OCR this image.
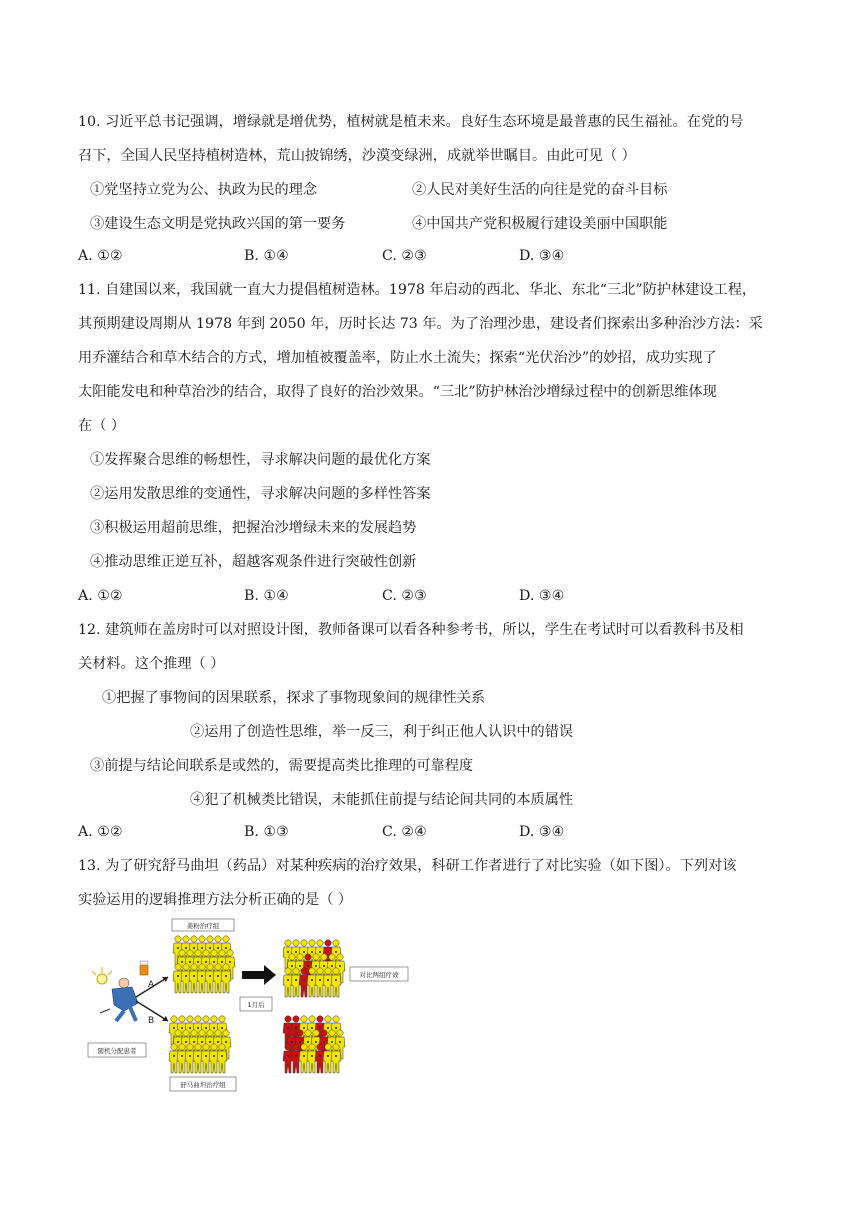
10. 习近平总书记强调，增绿就是增优势，植树就是植未来。良好生态环境是最普惠的民生福祉。在党的号
召下，全国人民坚持植树造林，荒山披锦绣，沙漠变绿洲，成就举世瞩目。由此可见（ ）
①党坚持立党为公、执政为民的理念	②人民对美好生活的向往是党的奋斗目标
③建设生态文明是党执政兴国的第一要务	④中国共产党积极履行建设美丽中国职能
A. ①②	B. ①④	C. ②③	D. ③④
11. 自建国以来，我国就一直大力提倡植树造林。1978 年启动的西北、华北、东北“三北”防护林建设工程，
其预期建设周期从 1978 年到 2050 年，历时长达 73 年。为了治理沙患，建设者们探索出多种治沙方法：采
用乔灌结合和草木结合的方式，增加植被覆盖率，防止水土流失；探索“光伏治沙”的妙招，成功实现了
太阳能发电和种草治沙的结合，取得了良好的治沙效果。“三北”防护林治沙增绿过程中的创新思维体现
在（ ）
①发挥聚合思维的畅想性，寻求解决问题的最优化方案
②运用发散思维的变通性，寻求解决问题的多样性答案
③积极运用超前思维，把握治沙增绿未来的发展趋势
④推动思维正逆互补，超越客观条件进行突破性创新
A. ①②	B. ①④	C. ②③	D. ③④
12. 建筑师在盖房时可以对照设计图，教师备课可以看各种参考书，所以，学生在考试时可以看教科书及相
关材料。这个推理（ ）
①把握了事物间的因果联系，探求了事物现象间的规律性关系
②运用了创造性思维，举一反三，利于纠正他人认识中的错误
③前提与结论间联系是或然的，需要提高类比推理的可靠程度
④犯了机械类比错误，未能抓住前提与结论间共同的本质属性
A. ①②	B. ①③	C. ②④	D. ③④
13. 为了研究舒马曲坦（药品）对某种疾病的治疗效果，科研工作者进行了对比实验（如下图）。下列对该
实验运用的逻辑推理方法分析正确的是（ ）
A
B
姜粉治疗组
随机分配患者
舒马曲坦治疗组
1月后
对比两组疗效
